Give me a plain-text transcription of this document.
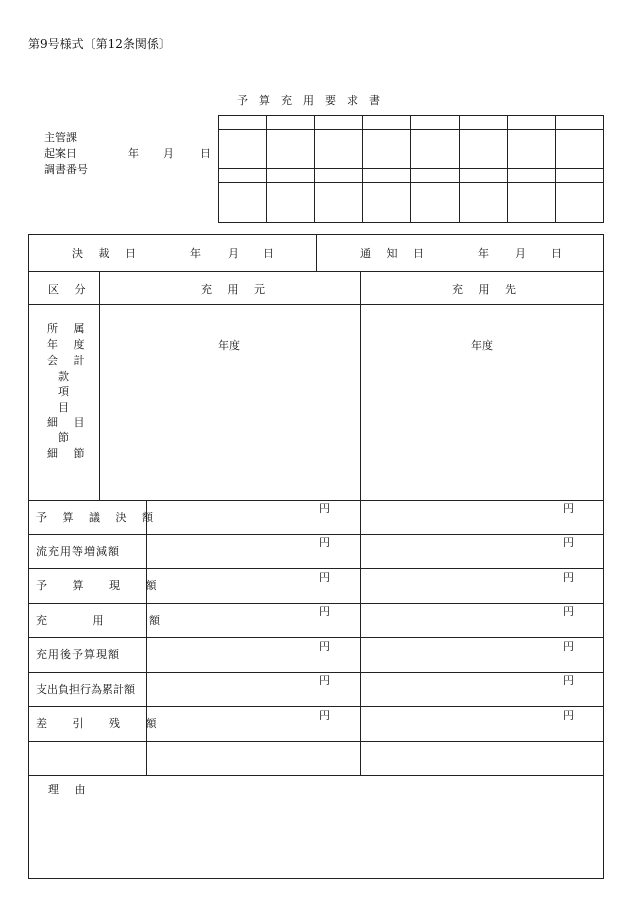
第9号様式〔第12条関係〕
予算充用要求書
主管課
起案日	年 月 日
調書番号
決 裁 日	年 月 日	通 知 日	年 月 日
区 分	充 用 元	充 用 先
所 属
年 度
会 計
款
項
目
細 目
節
細 節
年度	年度
予 算 議 決 額
円	円
流充用等増減額
円	円
予 算 現 額
円	円
充 用 額
円	円
充用後予算現額
円	円
支出負担行為累計額
円	円
差 引 残 額
円	円
理 由
